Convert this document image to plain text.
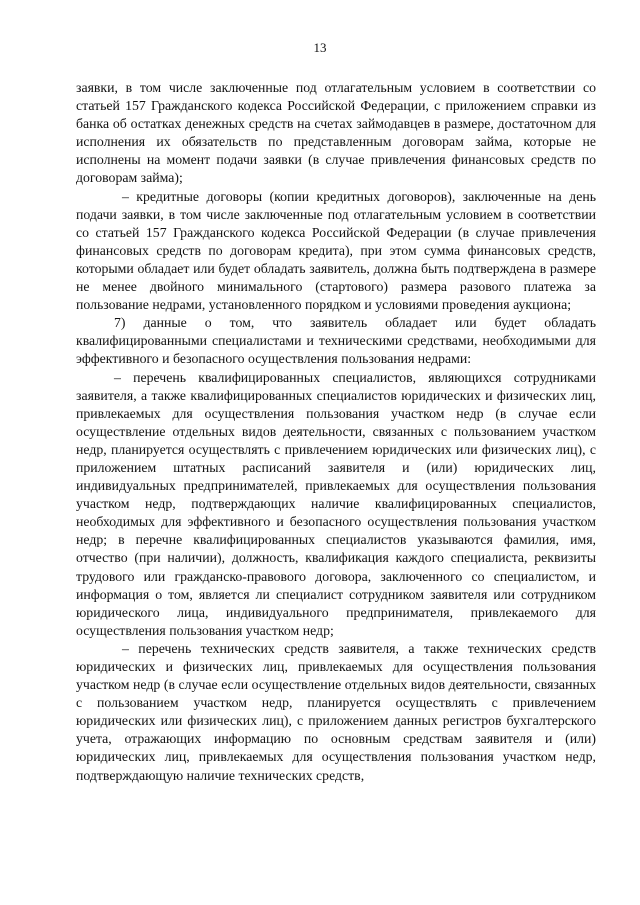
13

заявки, в том числе заключенные под отлагательным условием в соответствии со статьей 157 Гражданского кодекса Российской Федерации, с приложением справки из банка об остатках денежных средств на счетах займодавцев в размере, достаточном для исполнения их обязательств по представленным договорам займа, которые не исполнены на момент подачи заявки (в случае привлечения финансовых средств по договорам займа);

– кредитные договоры (копии кредитных договоров), заключенные на день подачи заявки, в том числе заключенные под отлагательным условием в соответствии со статьей 157 Гражданского кодекса Российской Федерации (в случае привлечения финансовых средств по договорам кредита), при этом сумма финансовых средств, которыми обладает или будет обладать заявитель, должна быть подтверждена в размере не менее двойного минимального (стартового) размера разового платежа за пользование недрами, установленного порядком и условиями проведения аукциона;

7) данные о том, что заявитель обладает или будет обладать квалифицированными специалистами и техническими средствами, необходимыми для эффективного и безопасного осуществления пользования недрами:

– перечень квалифицированных специалистов, являющихся сотрудниками заявителя, а также квалифицированных специалистов юридических и физических лиц, привлекаемых для осуществления пользования участком недр (в случае если осуществление отдельных видов деятельности, связанных с пользованием участком недр, планируется осуществлять с привлечением юридических или физических лиц), с приложением штатных расписаний заявителя и (или) юридических лиц, индивидуальных предпринимателей, привлекаемых для осуществления пользования участком недр, подтверждающих наличие квалифицированных специалистов, необходимых для эффективного и безопасного осуществления пользования участком недр; в перечне квалифицированных специалистов указываются фамилия, имя, отчество (при наличии), должность, квалификация каждого специалиста, реквизиты трудового или гражданско-правового договора, заключенного со специалистом, и информация о том, является ли специалист сотрудником заявителя или сотрудником юридического лица, индивидуального предпринимателя, привлекаемого для осуществления пользования участком недр;

– перечень технических средств заявителя, а также технических средств юридических и физических лиц, привлекаемых для осуществления пользования участком недр (в случае если осуществление отдельных видов деятельности, связанных с пользованием участком недр, планируется осуществлять с привлечением юридических или физических лиц), с приложением данных регистров бухгалтерского учета, отражающих информацию по основным средствам заявителя и (или) юридических лиц, привлекаемых для осуществления пользования участком недр, подтверждающую наличие технических средств,
